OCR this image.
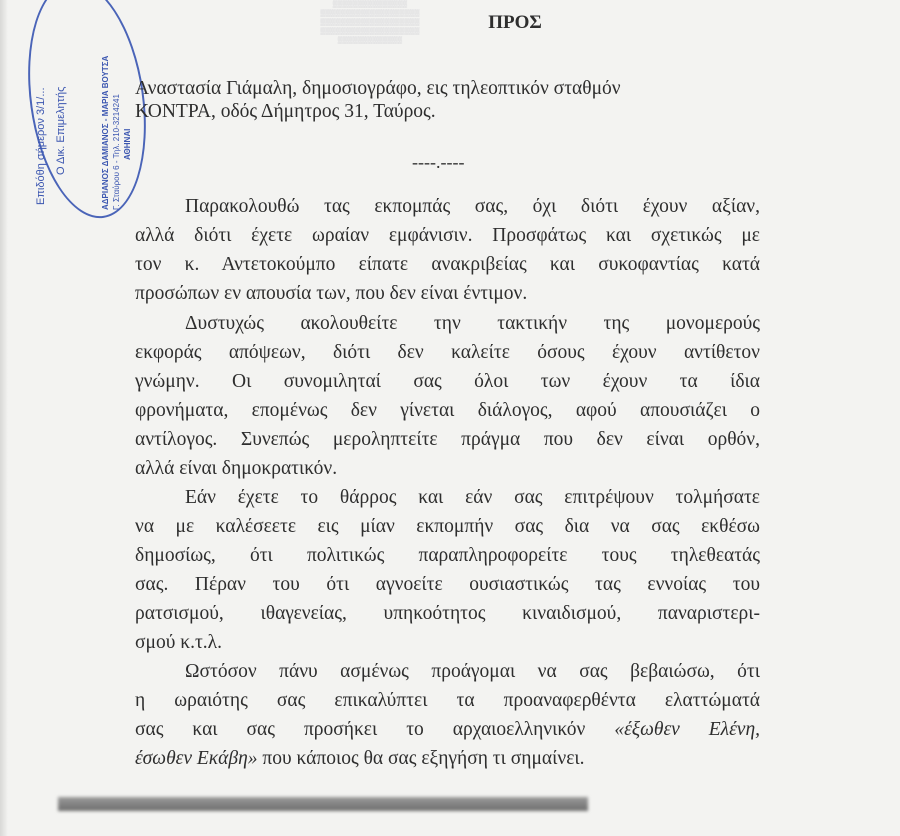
▒▒▒▒▒▒▒▒▒▒▒▒▒▒▒
▒▒▒▒▒▒▒▒▒▒▒▒▒▒▒▒▒▒▒▒
▒▒▒▒▒▒▒▒▒▒▒▒▒▒▒▒▒▒▒▒
▒▒▒▒▒▒▒▒▒▒▒▒▒▒▒▒▒▒▒▒
▒▒▒▒▒▒▒▒▒▒▒▒▒
Επιδόθη σήμερον 3/1/... Ο Δικ. Επιμελητής	ΑΔΡΙΑΝΟΣ ΔΑΜΙΑΝΟΣ - ΜΑΡΙΑ ΒΟΥΤΣΑ Γ. Σταύρου 6 - Τηλ. 210-3214241 ΑΘΗΝΑΙ
ΠΡΟΣ
Αναστασία Γιάμαλη, δημοσιογράφο, εις τηλεοπτικόν σταθμόν
ΚΟΝΤΡΑ, οδός Δήμητρος 31, Ταύρος.
----.----
Παρακολουθώ τας εκπομπάς σας, όχι διότι έχουν αξίαν,
αλλά διότι έχετε ωραίαν εμφάνισιν. Προσφάτως και σχετικώς με
τον κ. Αντετοκούμπο είπατε ανακριβείας και συκοφαντίας κατά
προσώπων εν απουσία των, που δεν είναι έντιμον.
Δυστυχώς ακολουθείτε την τακτικήν της μονομερούς
εκφοράς απόψεων, διότι δεν καλείτε όσους έχουν αντίθετον
γνώμην. Οι συνομιληταί σας όλοι των έχουν τα ίδια
φρονήματα, επομένως δεν γίνεται διάλογος, αφού απουσιάζει ο
αντίλογος. Συνεπώς μεροληπτείτε πράγμα που δεν είναι ορθόν,
αλλά είναι δημοκρατικόν.
Εάν έχετε το θάρρος και εάν σας επιτρέψουν τολμήσατε
να με καλέσεετε εις μίαν εκπομπήν σας δια να σας εκθέσω
δημοσίως, ότι πολιτικώς παραπληροφορείτε τους τηλεθεατάς
σας. Πέραν του ότι αγνοείτε ουσιαστικώς τας εννοίας του
ρατσισμού, ιθαγενείας, υπηκοότητος κιναιδισμού, παναριστερι-
σμού κ.τ.λ.
Ωστόσον πάνυ ασμένως προάγομαι να σας βεβαιώσω, ότι
η ωραιότης σας επικαλύπτει τα προαναφερθέντα ελαττώματά
σας και σας προσήκει το αρχαιοελληνικόν «έξωθεν Ελένη,
έσωθεν Εκάβη» που κάποιος θα σας εξηγήση τι σημαίνει.
